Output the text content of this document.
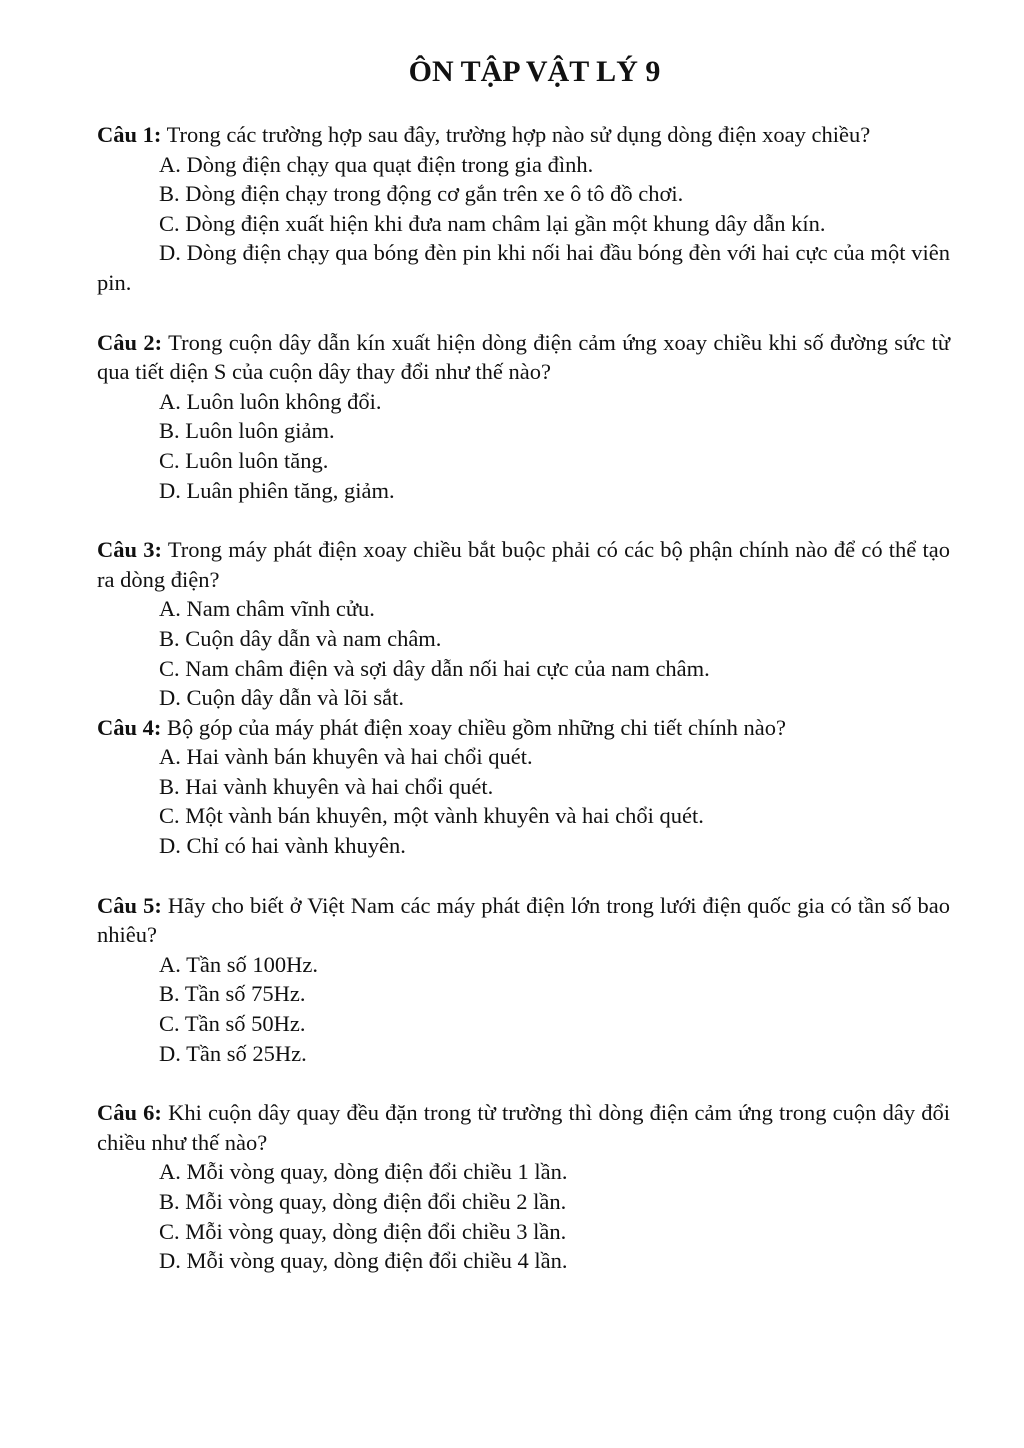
ÔN TẬP VẬT LÝ 9

Câu 1: Trong các trường hợp sau đây, trường hợp nào sử dụng dòng điện xoay chiều?

A. Dòng điện chạy qua quạt điện trong gia đình.

B. Dòng điện chạy trong động cơ gắn trên xe ô tô đồ chơi.

C. Dòng điện xuất hiện khi đưa nam châm lại gần một khung dây dẫn kín.

D. Dòng điện chạy qua bóng đèn pin khi nối hai đầu bóng đèn với hai cực của một viên pin.

Câu 2: Trong cuộn dây dẫn kín xuất hiện dòng điện cảm ứng xoay chiều khi số đường sức từ qua tiết diện S của cuộn dây thay đổi như thế nào?

A. Luôn luôn không đổi.

B. Luôn luôn giảm.

C. Luôn luôn tăng.

D. Luân phiên tăng, giảm.

Câu 3: Trong máy phát điện xoay chiều bắt buộc phải có các bộ phận chính nào để có thể tạo ra dòng điện?

A. Nam châm vĩnh cửu.

B. Cuộn dây dẫn và nam châm.

C. Nam châm điện và sợi dây dẫn nối hai cực của nam châm.

D. Cuộn dây dẫn và lõi sắt.

Câu 4: Bộ góp của máy phát điện xoay chiều gồm những chi tiết chính nào?

A. Hai vành bán khuyên và hai chổi quét.

B. Hai vành khuyên và hai chổi quét.

C. Một vành bán khuyên, một vành khuyên và hai chổi quét.

D. Chỉ có hai vành khuyên.

Câu 5: Hãy cho biết ở Việt Nam các máy phát điện lớn trong lưới điện quốc gia có tần số bao nhiêu?

A. Tần số 100Hz.

B. Tần số 75Hz.

C. Tần số 50Hz.

D. Tần số 25Hz.

Câu 6: Khi cuộn dây quay đều đặn trong từ trường thì dòng điện cảm ứng trong cuộn dây đổi chiều như thế nào?

A. Mỗi vòng quay, dòng điện đổi chiều 1 lần.

B. Mỗi vòng quay, dòng điện đổi chiều 2 lần.

C. Mỗi vòng quay, dòng điện đổi chiều 3 lần.

D. Mỗi vòng quay, dòng điện đổi chiều 4 lần.
